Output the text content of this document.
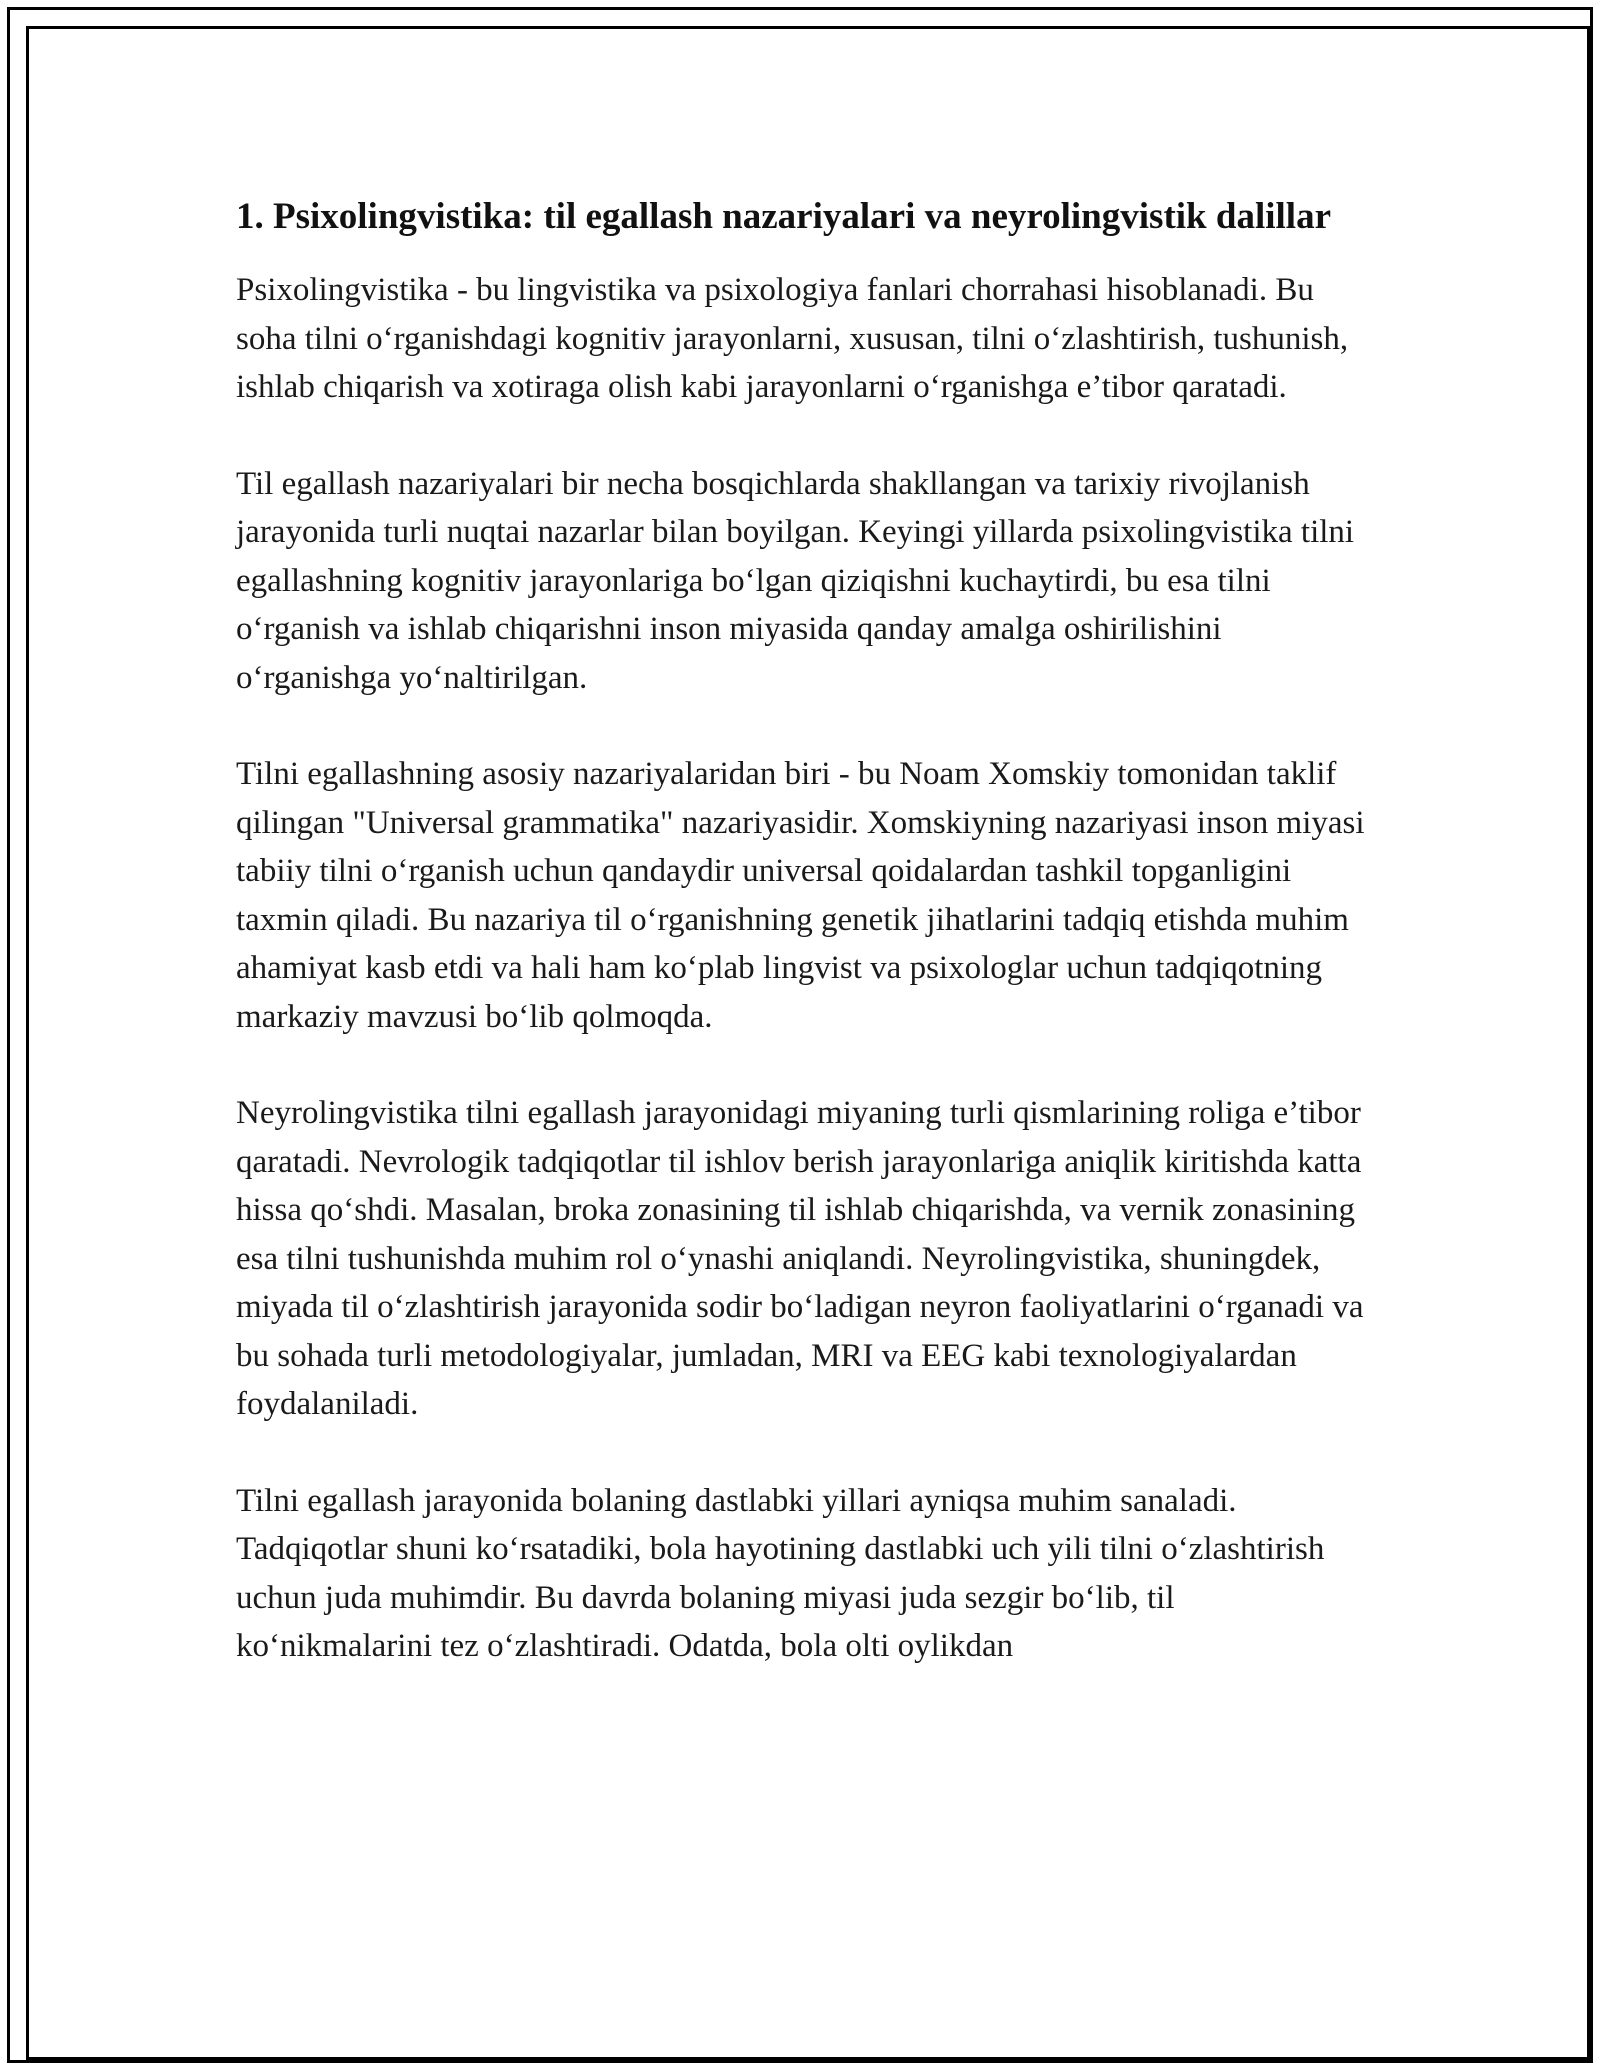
1. Psixolingvistika: til egallash nazariyalari va neyrolingvistik dalillar

Psixolingvistika - bu lingvistika va psixologiya fanlari chorrahasi hisoblanadi. Bu soha tilni o‘rganishdagi kognitiv jarayonlarni, xususan, tilni o‘zlashtirish, tushunish, ishlab chiqarish va xotiraga olish kabi jarayonlarni o‘rganishga e’tibor qaratadi.

Til egallash nazariyalari bir necha bosqichlarda shakllangan va tarixiy rivojlanish jarayonida turli nuqtai nazarlar bilan boyilgan. Keyingi yillarda psixolingvistika tilni egallashning kognitiv jarayonlariga bo‘lgan qiziqishni kuchaytirdi, bu esa tilni o‘rganish va ishlab chiqarishni inson miyasida qanday amalga oshirilishini o‘rganishga yo‘naltirilgan.

Tilni egallashning asosiy nazariyalaridan biri - bu Noam Xomskiy tomonidan taklif qilingan "Universal grammatika" nazariyasidir. Xomskiyning nazariyasi inson miyasi tabiiy tilni o‘rganish uchun qandaydir universal qoidalardan tashkil topganligini taxmin qiladi. Bu nazariya til o‘rganishning genetik jihatlarini tadqiq etishda muhim ahamiyat kasb etdi va hali ham ko‘plab lingvist va psixologlar uchun tadqiqotning markaziy mavzusi bo‘lib qolmoqda.

Neyrolingvistika tilni egallash jarayonidagi miyaning turli qismlarining roliga e’tibor qaratadi. Nevrologik tadqiqotlar til ishlov berish jarayonlariga aniqlik kiritishda katta hissa qo‘shdi. Masalan, broka zonasining til ishlab chiqarishda, va vernik zonasining esa tilni tushunishda muhim rol o‘ynashi aniqlandi. Neyrolingvistika, shuningdek, miyada til o‘zlashtirish jarayonida sodir bo‘ladigan neyron faoliyatlarini o‘rganadi va bu sohada turli metodologiyalar, jumladan, MRI va EEG kabi texnologiyalardan foydalaniladi.

Tilni egallash jarayonida bolaning dastlabki yillari ayniqsa muhim sanaladi. Tadqiqotlar shuni ko‘rsatadiki, bola hayotining dastlabki uch yili tilni o‘zlashtirish uchun juda muhimdir. Bu davrda bolaning miyasi juda sezgir bo‘lib, til ko‘nikmalarini tez o‘zlashtiradi. Odatda, bola olti oylikdan
